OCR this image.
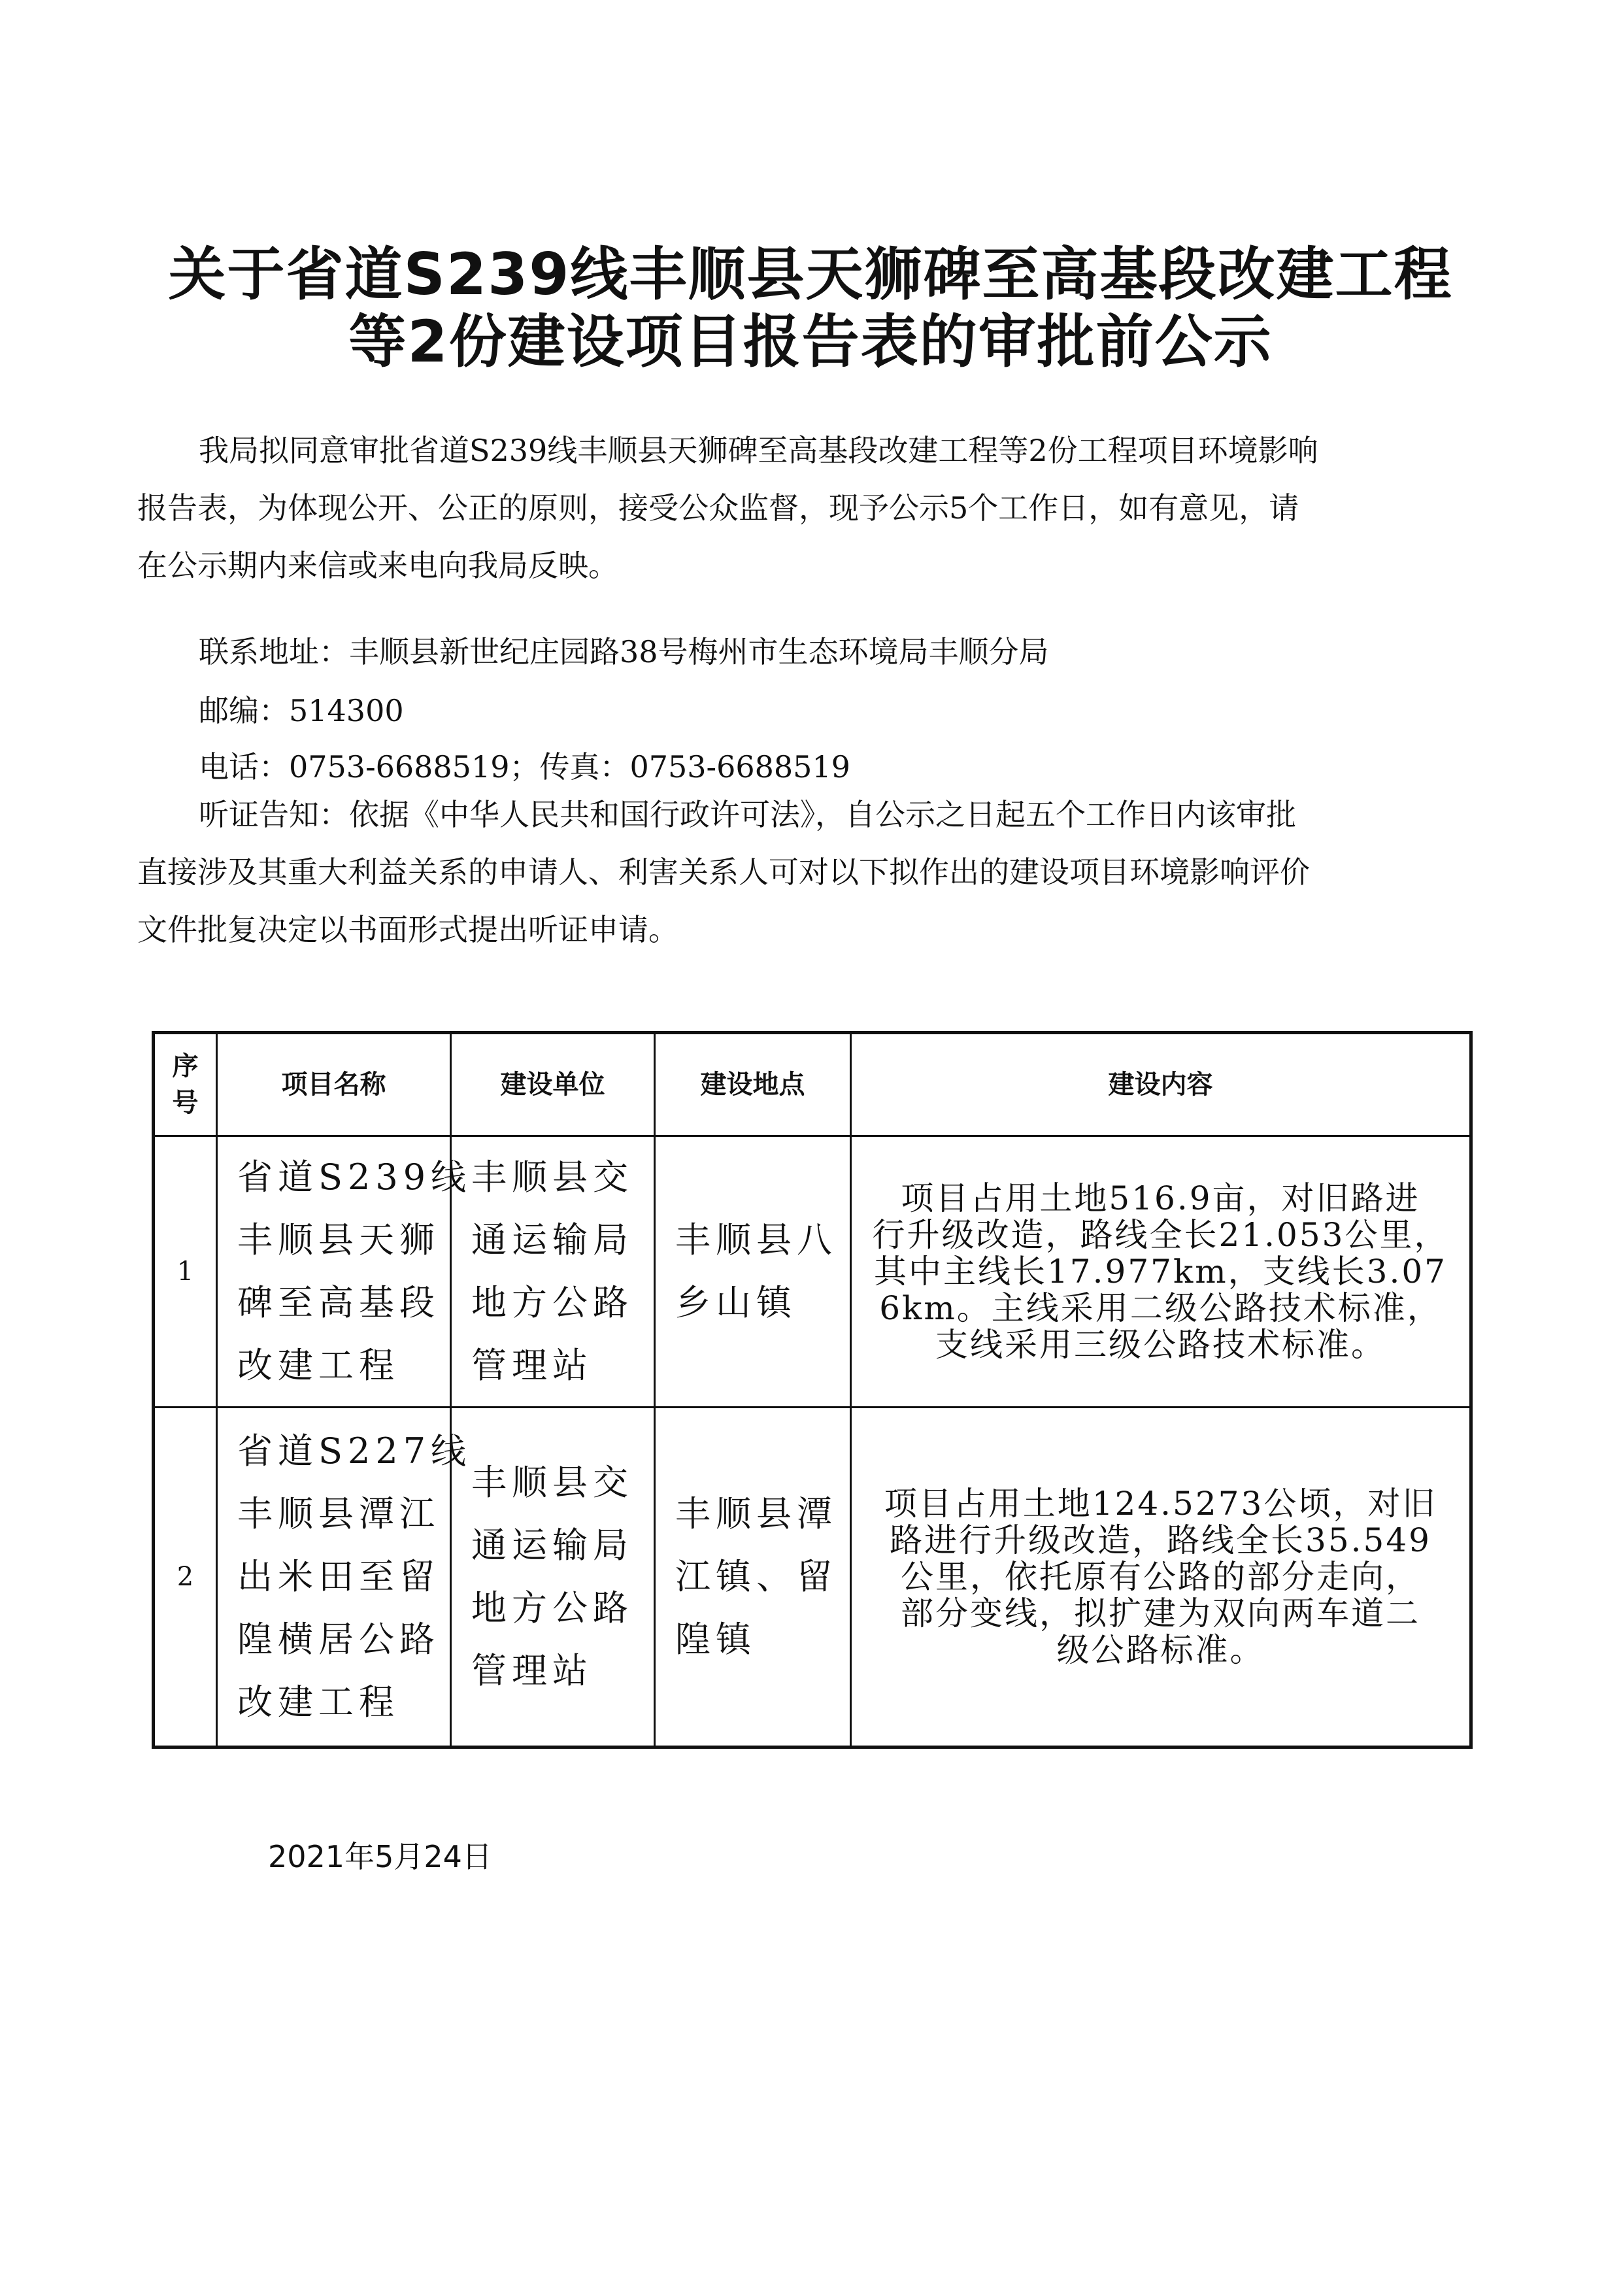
关于省道S239线丰顺县天狮碑至高基段改建工程
等2份建设项目报告表的审批前公示
我局拟同意审批省道S239线丰顺县天狮碑至高基段改建工程等2份工程项目环境影响
报告表，为体现公开、公正的原则，接受公众监督，现予公示5个工作日，如有意见，请
在公示期内来信或来电向我局反映。
联系地址：丰顺县新世纪庄园路38号梅州市生态环境局丰顺分局
邮编：514300
电话：0753-6688519；传真：0753-6688519
听证告知：依据《中华人民共和国行政许可法》，自公示之日起五个工作日内该审批
直接涉及其重大利益关系的申请人、利害关系人可对以下拟作出的建设项目环境影响评价
文件批复决定以书面形式提出听证申请。
序
号	项目名称	建设单位	建设地点	建设内容
1	省道S239线
丰顺县天狮
碑至高基段
改建工程	丰顺县交
通运输局
地方公路
管理站	丰顺县八
乡山镇	项目占用土地516.9亩，对旧路进
行升级改造，路线全长21.053公里，
其中主线长17.977km，支线长3.07
6km。主线采用二级公路技术标准，
支线采用三级公路技术标准。

2	省道S227线
丰顺县潭江
出米田至留
隍横居公路
改建工程	丰顺县交
通运输局
地方公路
管理站	丰顺县潭
江镇、留
隍镇	项目占用土地124.5273公顷，对旧
路进行升级改造，路线全长35.549
公里，依托原有公路的部分走向，
部分变线，拟扩建为双向两车道二
级公路标准。
2021年5月24日
